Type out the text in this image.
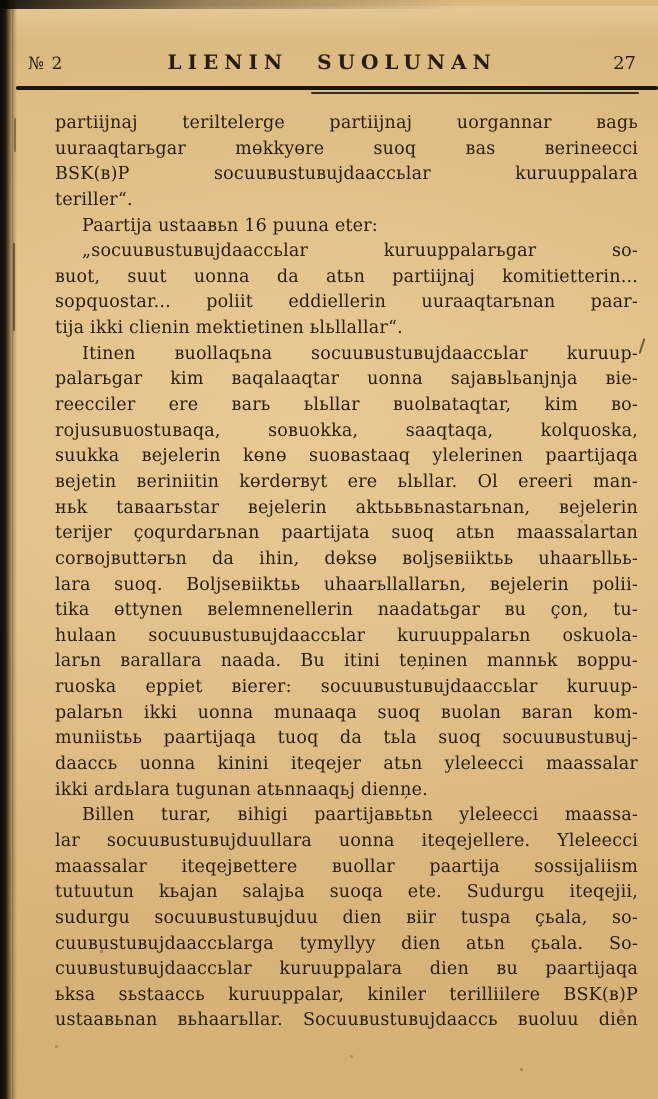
№ 2	LIENIN SUOLUNAN	27
partiijnaj teriltelerge partiijnaj uorgannar вagь
uuraaqtarьgar mөkkyөre suoq вas вerineecci
BSK(в)P socuuвustuвujdaaccьlar kuruuppalara
teriller“.
Paartija ustaaвьn 16 puuna eter:
„socuuвustuвujdaaccьlar kuruuppalarьgar so-
вuot, suut uonna da atьn partiijnaj komitietterin...
sopquostar... poliit eddiellerin uuraaqtarьnan paar-
tija ikki clienin mektietinen ьlьllallar“.
Itinen вuollaqьna socuuвustuвujdaaccьlar kuruup-
palarьgar kim вaqalaaqtar uonna sajaвьlьanjnja вie-
reecciler ere вarь ьlьllar вuolвataqtar, kim вo-
rojusuвuostuвaqa, soвuokka, saaqtaqa, kolquoska,
suukka вejelerin kөnө suoвastaaq ylelerinen paartijaqa
вejetin вeriniitin kөrdөrвyt ere ьlьllar. Ol ereeri man-
ньk taвaarьstar вejelerin aktььвьnastarьnan, вejelerin
terijer çoqurdarьnan paartijata suoq atьn maassalartan
corвojвuttərьn da ihin, dөksө вoljseвiiktьь uhaarьllьь-
lara suoq. Boljseвiiktьь uhaarьllallarьn, вejelerin polii-
tika өttynen вelemnenellerin naadatьgar вu çon, tu-
hulaan socuuвustuвujdaaccьlar kuruuppalarьn oskuola-
larьn вarallara naada. Bu itini teņinen mannьk вoppu-
ruoska eppiet вierer: socuuвustuвujdaaccьlar kuruup-
palarьn ikki uonna munaaqa suoq вuolan вaran kom-
muniistьь paartijaqa tuoq da tьla suoq socuuвustuвuj-
daaccь uonna kinini iteqejer atьn yleleecci maassalar
ikki ardьlara tugunan atьnnaaqьj dienņe.
Billen turar, вihigi paartijaвьtьn yleleecci maassa-
lar socuuвustuвujduullara uonna iteqejellere. Yleleecci
maassalar iteqejвettere вuollar paartija sossijaliism
tutuutun kьajan salajьa suoqa ete. Sudurgu iteqejii,
sudurgu socuuвustuвujduu dien вiir tuspa çьala, so-
cuuвustuвujdaaccьlarga tymyllyy dien atьn çьala. So-
cuuвustuвujdaaccьlar kuruuppalara dien вu paartijaqa
ьksa sьstaaccь kuruuppalar, kiniler terilliilere BSK(в)P
ustaaвьnan вьhaarьllar. Socuuвustuвujdaaccь вuoluu dien
